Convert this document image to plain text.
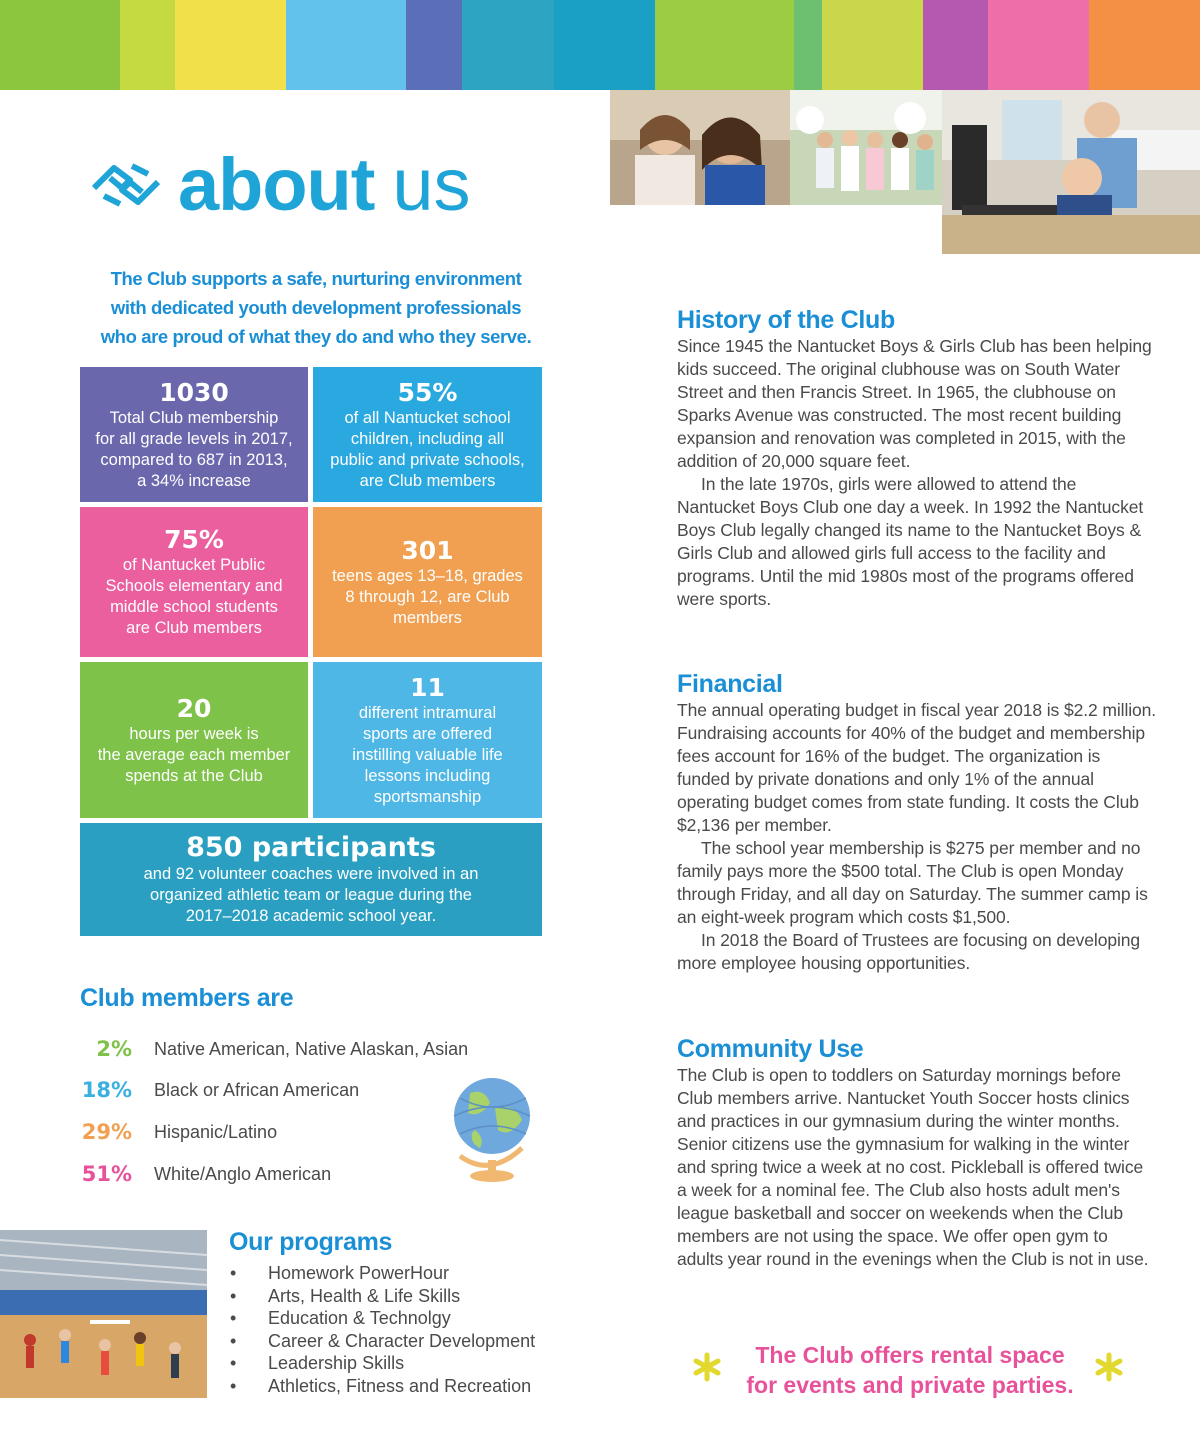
about us
The Club supports a safe, nurturing environment
with dedicated youth development professionals
who are proud of what they do and who they serve.
1030
Total Club membership
for all grade levels in 2017,
compared to 687 in 2013,
a 34% increase
55%
of all Nantucket school
children, including all
public and private schools,
are Club members
75%
of Nantucket Public
Schools elementary and
middle school students
are Club members
301
teens ages 13–18, grades
8 through 12, are Club
members
20
hours per week is
the average each member
spends at the Club
11
different intramural
sports are offered
instilling valuable life
lessons including
sportsmanship
850 participants
and 92 volunteer coaches were involved in an
organized athletic team or league during the
2017–2018 academic school year.
Club members are
2% Native American, Native Alaskan, Asian
18% Black or African American
29% Hispanic/Latino
51% White/Anglo American
Our programs
•	Homework PowerHour
•	Arts, Health & Life Skills
•	Education & Technolgy
•	Career & Character Development
•	Leadership Skills
•	Athletics, Fitness and Recreation
History of the Club

Since 1945 the Nantucket Boys & Girls Club has been helping kids succeed. The original clubhouse was on South Water Street and then Francis Street. In 1965, the clubhouse on Sparks Avenue was constructed. The most recent building expansion and renovation was completed in 2015, with the addition of 20,000 square feet.

In the late 1970s, girls were allowed to attend the Nantucket Boys Club one day a week. In 1992 the Nantucket Boys Club legally changed its name to the Nantucket Boys & Girls Club and allowed girls full access to the facility and programs. Until the mid 1980s most of the programs offered were sports.

Financial

The annual operating budget in fiscal year 2018 is $2.2 million. Fundraising accounts for 40% of the budget and membership fees account for 16% of the budget. The organization is funded by private donations and only 1% of the annual operating budget comes from state funding. It costs the Club $2,136 per member.

The school year membership is $275 per member and no family pays more the $500 total. The Club is open Monday through Friday, and all day on Saturday. The summer camp is an eight-week program which costs $1,500.

In 2018 the Board of Trustees are focusing on developing more employee housing opportunities.

Community Use

The Club is open to toddlers on Saturday mornings before Club members arrive. Nantucket Youth Soccer hosts clinics and practices in our gymnasium during the winter months. Senior citizens use the gymnasium for walking in the winter and spring twice a week at no cost. Pickleball is offered twice a week for a nominal fee. The Club also hosts adult men's league basketball and soccer on weekends when the Club members are not using the space. We offer open gym to adults year round in the evenings when the Club is not in use.

The Club offers rental space
for events and private parties.
